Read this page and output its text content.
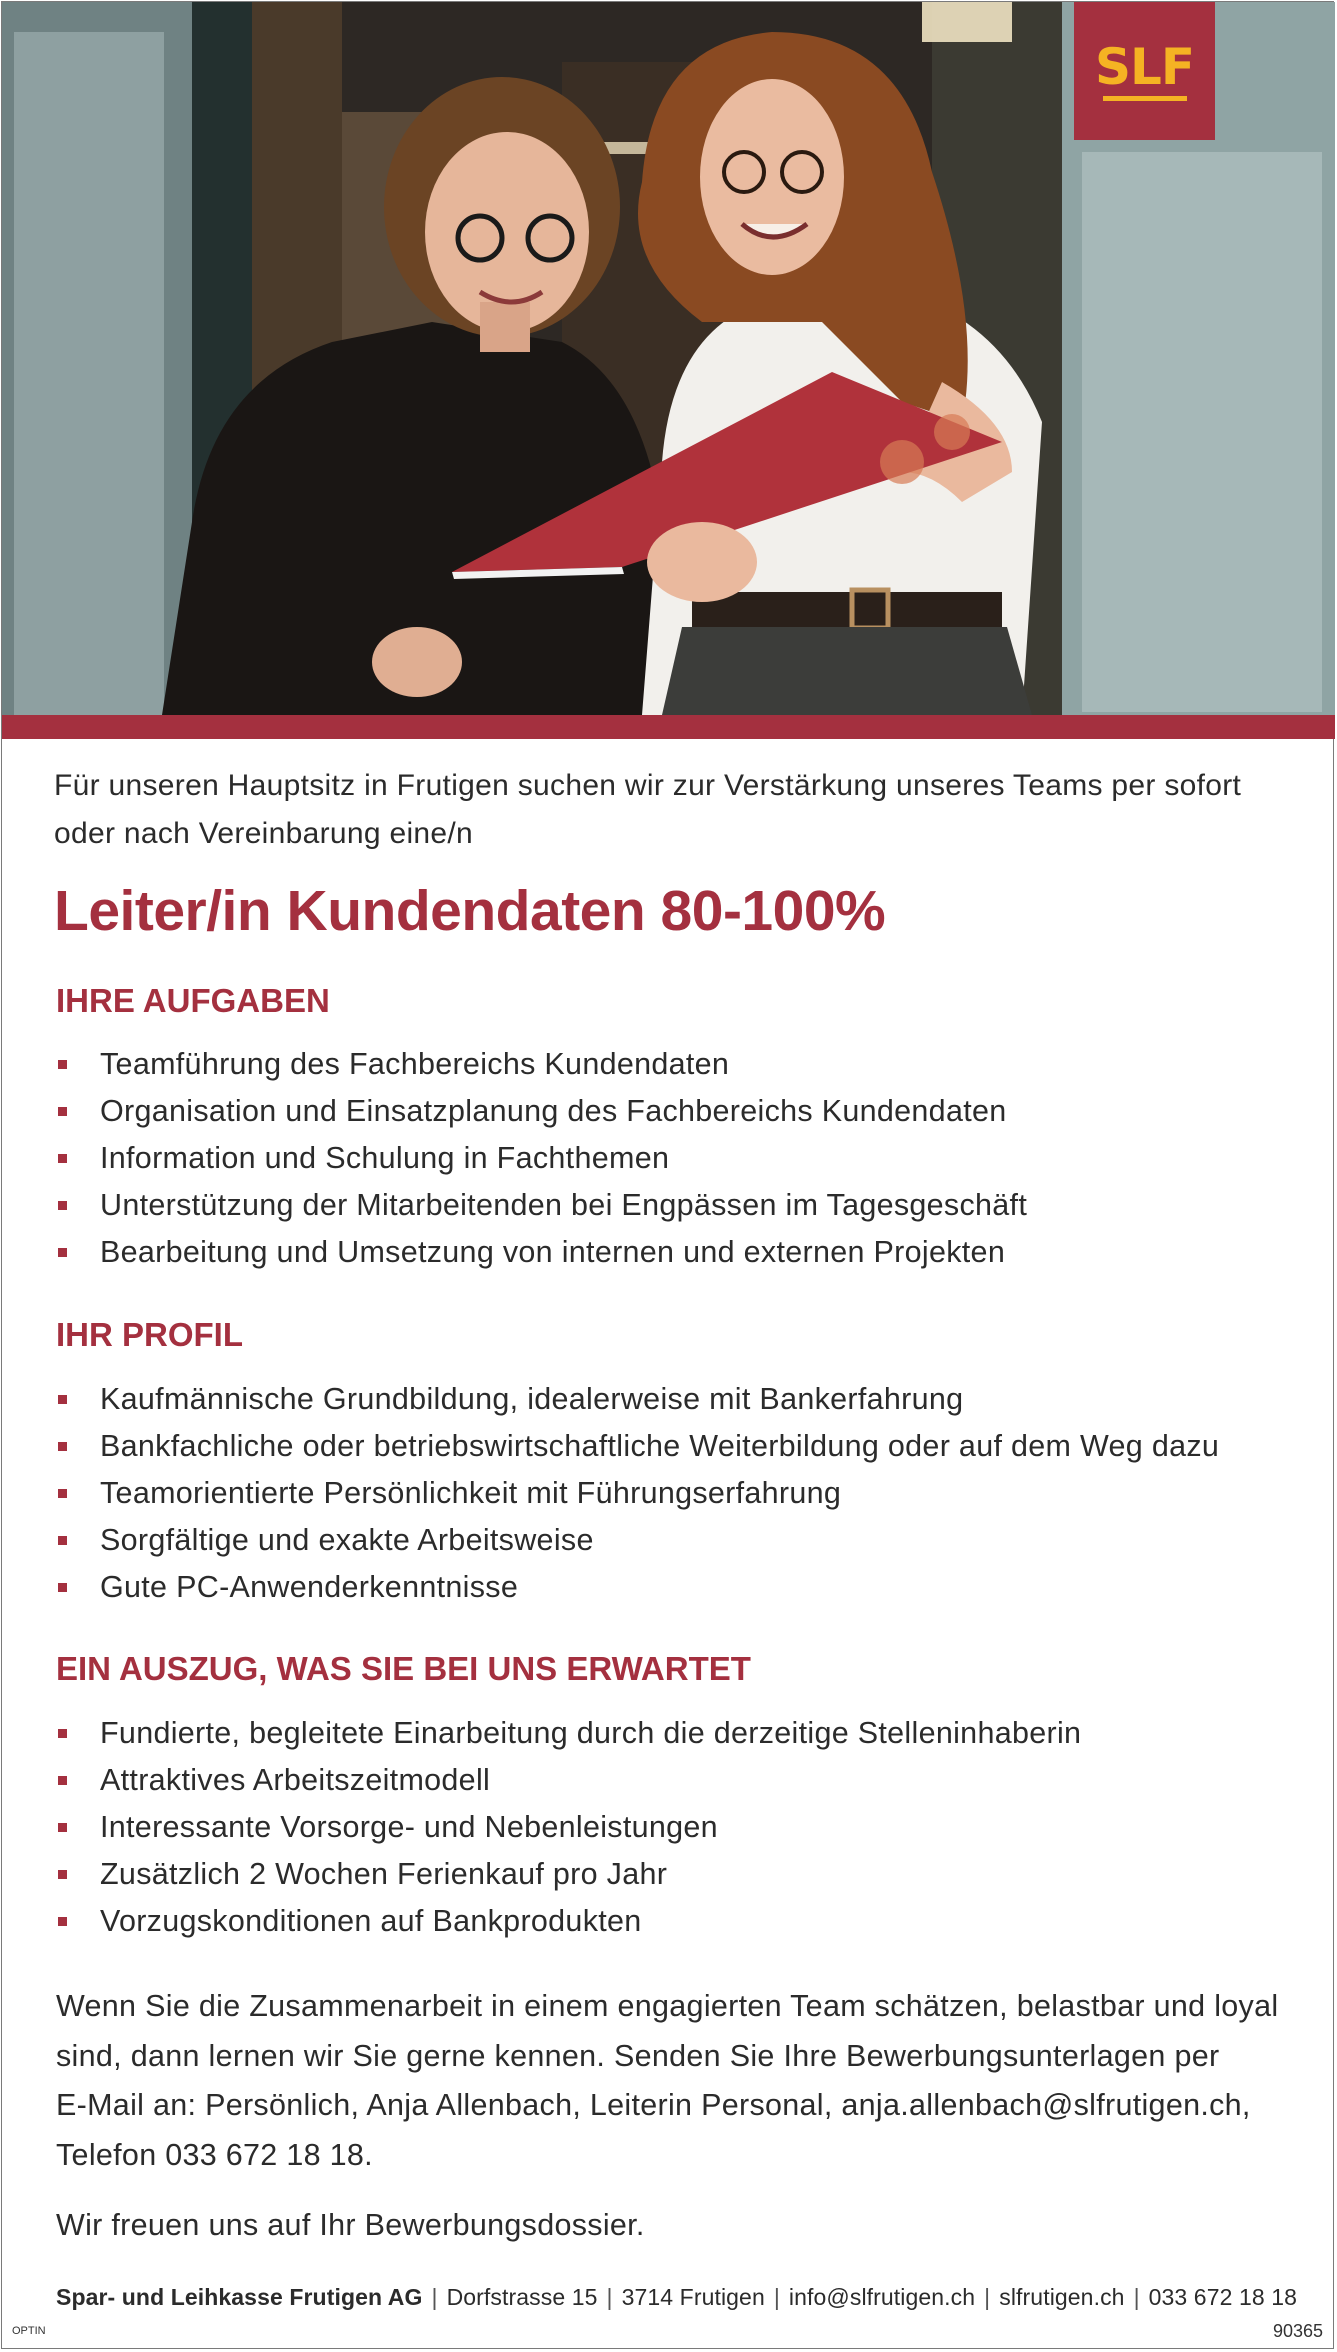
SLF

Für unseren Hauptsitz in Frutigen suchen wir zur Verstärkung unseres Teams per sofort oder nach Vereinbarung eine/n

Leiter/in Kundendaten 80-100%
IHRE AUFGABEN
Teamführung des Fachbereichs Kundendaten
Organisation und Einsatzplanung des Fachbereichs Kundendaten
Information und Schulung in Fachthemen
Unterstützung der Mitarbeitenden bei Engpässen im Tagesgeschäft
Bearbeitung und Umsetzung von internen und externen Projekten
IHR PROFIL
Kaufmännische Grundbildung, idealerweise mit Bankerfahrung
Bankfachliche oder betriebswirtschaftliche Weiterbildung oder auf dem Weg dazu
Teamorientierte Persönlichkeit mit Führungserfahrung
Sorgfältige und exakte Arbeitsweise
Gute PC-Anwenderkenntnisse
EIN AUSZUG, WAS SIE BEI UNS ERWARTET
Fundierte, begleitete Einarbeitung durch die derzeitige Stelleninhaberin
Attraktives Arbeitszeitmodell
Interessante Vorsorge- und Nebenleistungen
Zusätzlich 2 Wochen Ferienkauf pro Jahr
Vorzugskonditionen auf Bankprodukten

Wenn Sie die Zusammenarbeit in einem engagierten Team schätzen, belastbar und loyal
sind, dann lernen wir Sie gerne kennen. Senden Sie Ihre Bewerbungsunterlagen per
E-Mail an: Persönlich, Anja Allenbach, Leiterin Personal, anja.allenbach@slfrutigen.ch,
Telefon 033 672 18 18.

Wir freuen uns auf Ihr Bewerbungsdossier.

Spar- und Leihkasse Frutigen AG | Dorfstrasse 15 | 3714 Frutigen | info@slfrutigen.ch | slfrutigen.ch | 033 672 18 18
OPTIN	90365
